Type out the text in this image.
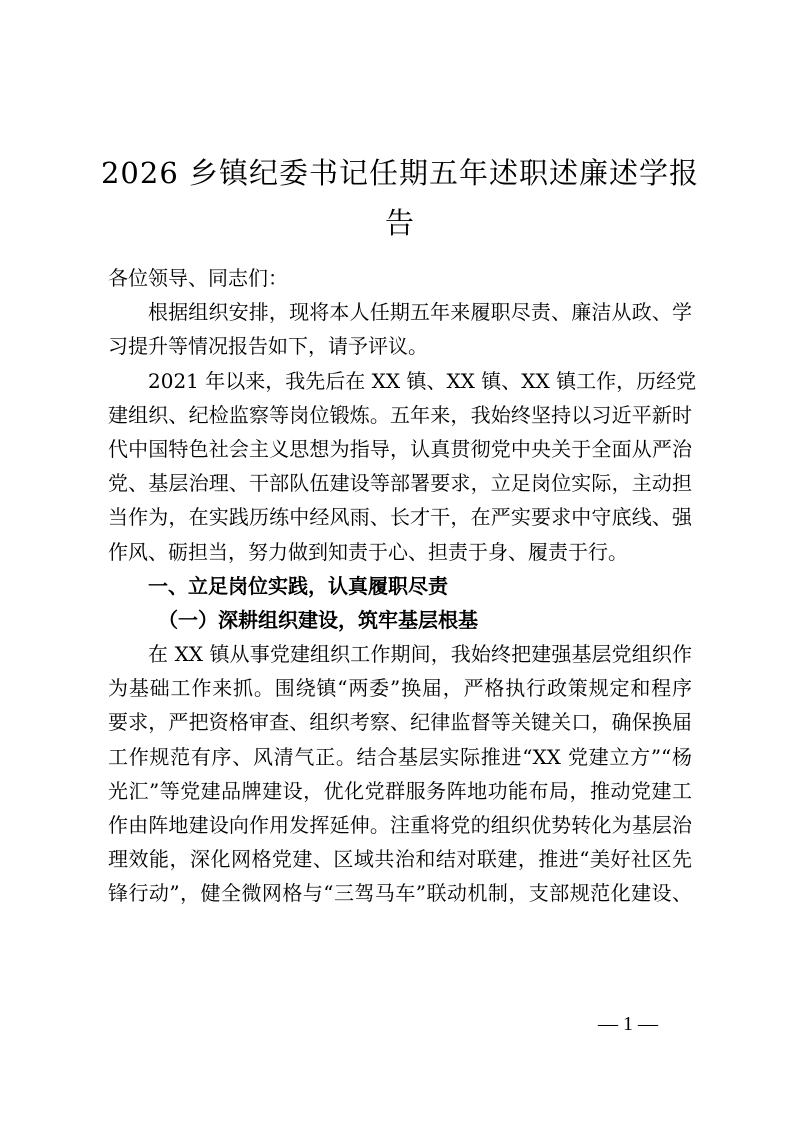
2026 乡镇纪委书记任期五年述职述廉述学报
告
各位领导、同志们：
根据组织安排，现将本人任期五年来履职尽责、廉洁从政、学
习提升等情况报告如下，请予评议。
2021 年以来，我先后在 XX 镇、XX 镇、XX 镇工作，历经党
建组织、纪检监察等岗位锻炼。五年来，我始终坚持以习近平新时
代中国特色社会主义思想为指导，认真贯彻党中央关于全面从严治
党、基层治理、干部队伍建设等部署要求，立足岗位实际，主动担
当作为，在实践历练中经风雨、长才干，在严实要求中守底线、强
作风、砺担当，努力做到知责于心、担责于身、履责于行。
一、立足岗位实践，认真履职尽责
（一）深耕组织建设，筑牢基层根基
在 XX 镇从事党建组织工作期间，我始终把建强基层党组织作
为基础工作来抓。围绕镇“两委”换届，严格执行政策规定和程序
要求，严把资格审查、组织考察、纪律监督等关键关口，确保换届
工作规范有序、风清气正。结合基层实际推进“XX 党建立方”“杨
光汇”等党建品牌建设，优化党群服务阵地功能布局，推动党建工
作由阵地建设向作用发挥延伸。注重将党的组织优势转化为基层治
理效能，深化网格党建、区域共治和结对联建，推进“美好社区先
锋行动”，健全微网格与“三驾马车”联动机制，支部规范化建设、
— 1 —
